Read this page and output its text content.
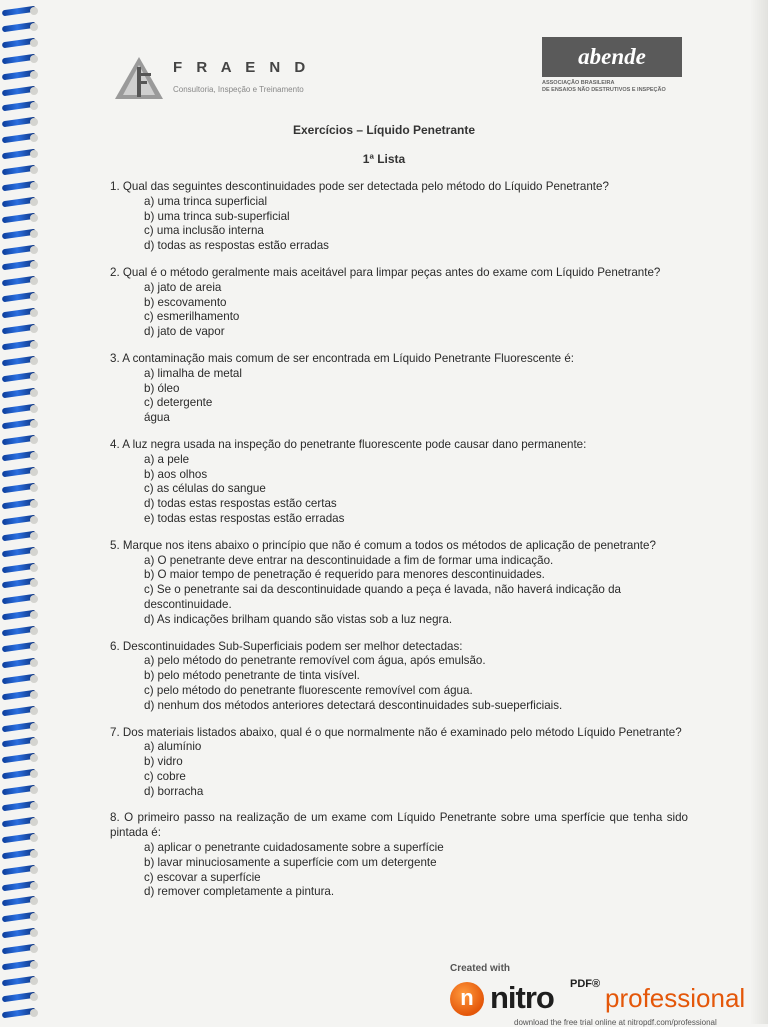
F R A E N D
Consultoria, Inspeção e Treinamento
abende
ASSOCIAÇÃO BRASILEIRA
DE ENSAIOS NÃO DESTRUTIVOS E INSPEÇÃO
Exercícios – Líquido Penetrante
1ª Lista

1. Qual das seguintes descontinuidades pode ser detectada pelo método do Líquido Penetrante?

a) uma trinca superficial
b) uma trinca sub-superficial
c) uma inclusão interna
d) todas as respostas estão erradas

2. Qual é o método geralmente mais aceitável para limpar peças antes do exame com Líquido Penetrante?

a) jato de areia
b) escovamento
c) esmerilhamento
d) jato de vapor

3. A contaminação mais comum de ser encontrada em Líquido Penetrante Fluorescente é:

a) limalha de metal
b) óleo
c) detergente
água

4. A luz negra usada na inspeção do penetrante fluorescente pode causar dano permanente:

a) a pele
b) aos olhos
c) as células do sangue
d) todas estas respostas estão certas
e) todas estas respostas estão erradas

5. Marque nos itens abaixo o princípio que não é comum a todos os métodos de aplicação de penetrante?

a) O penetrante deve entrar na descontinuidade a fim de formar uma indicação.
b) O maior tempo de penetração é requerido para menores descontinuidades.
c) Se o penetrante sai da descontinuidade quando a peça é lavada, não haverá indicação da descontinuidade.
d) As indicações brilham quando são vistas sob a luz negra.

6. Descontinuidades Sub-Superficiais podem ser melhor detectadas:

a) pelo método do penetrante removível com água, após emulsão.
b) pelo método penetrante de tinta visível.
c) pelo método do penetrante fluorescente removível com água.
d) nenhum dos métodos anteriores detectará descontinuidades sub-sueperficiais.

7. Dos materiais listados abaixo, qual é o que normalmente não é examinado pelo método Líquido Penetrante?

a) alumínio
b) vidro
c) cobre
d) borracha

8. O primeiro passo na realização de um exame com Líquido Penetrante sobre uma sperfície que tenha sido pintada é:

a) aplicar o penetrante cuidadosamente sobre a superfície
b) lavar minuciosamente a superfície com um detergente
c) escovar a superfície
d) remover completamente a pintura.
Created with
n nitro PDF® professional
download the free trial online at nitropdf.com/professional
